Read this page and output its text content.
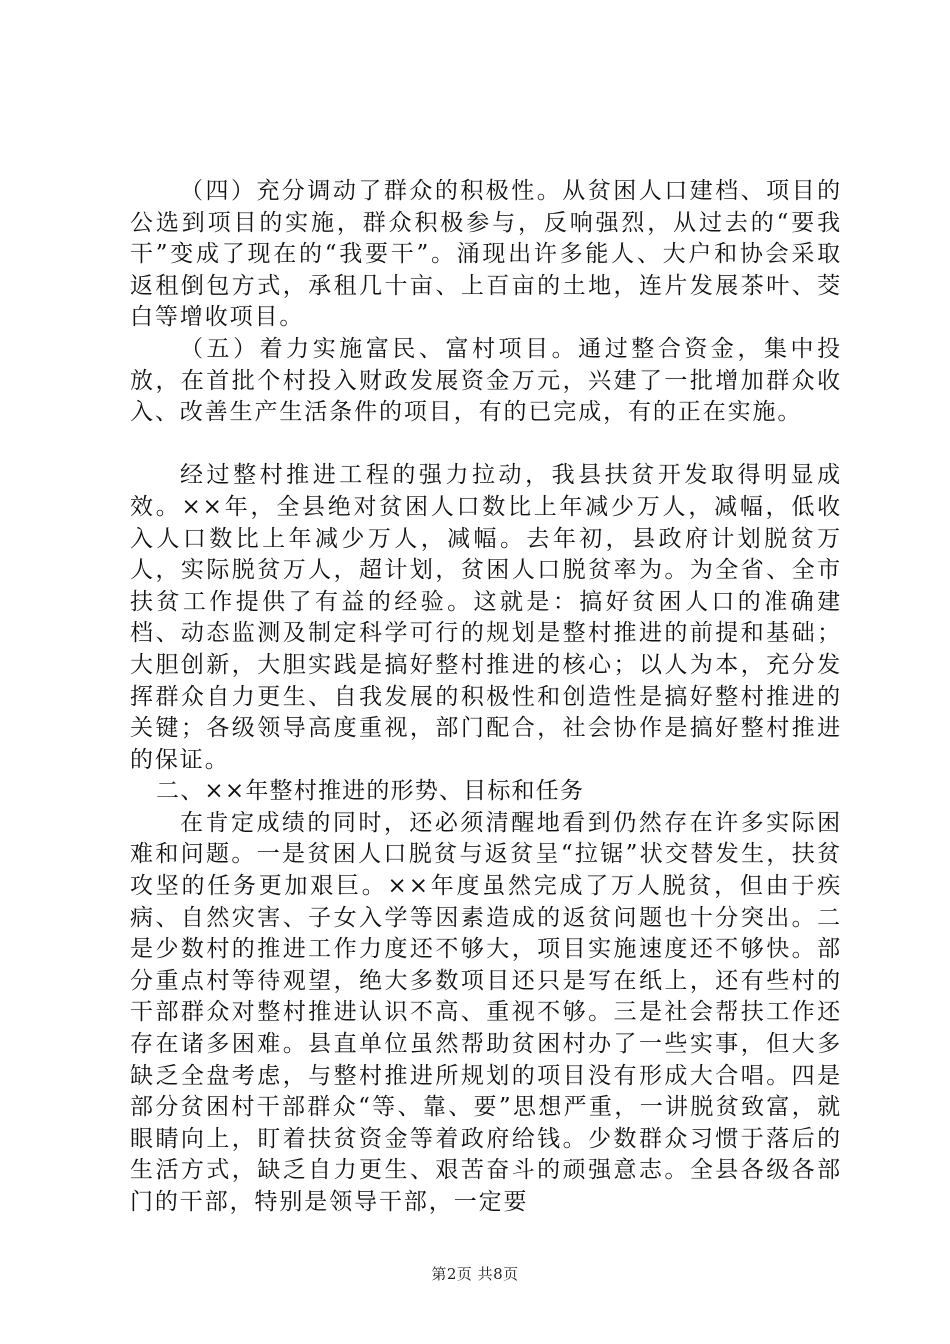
（四）充分调动了群众的积极性。从贫困人口建档、项目的公选到项目的实施，群众积极参与，反响强烈，从过去的“要我干”变成了现在的“我要干”。涌现出许多能人、大户和协会采取返租倒包方式，承租几十亩、上百亩的土地，连片发展茶叶、茭白等增收项目。

（五）着力实施富民、富村项目。通过整合资金，集中投放，在首批个村投入财政发展资金万元，兴建了一批增加群众收入、改善生产生活条件的项目，有的已完成，有的正在实施。

经过整村推进工程的强力拉动，我县扶贫开发取得明显成效。××年，全县绝对贫困人口数比上年减少万人，减幅，低收入人口数比上年减少万人，减幅。去年初，县政府计划脱贫万人，实际脱贫万人，超计划，贫困人口脱贫率为。为全省、全市扶贫工作提供了有益的经验。这就是：搞好贫困人口的准确建档、动态监测及制定科学可行的规划是整村推进的前提和基础；大胆创新，大胆实践是搞好整村推进的核心；以人为本，充分发挥群众自力更生、自我发展的积极性和创造性是搞好整村推进的关键；各级领导高度重视，部门配合，社会协作是搞好整村推进的保证。

二、××年整村推进的形势、目标和任务

在肯定成绩的同时，还必须清醒地看到仍然存在许多实际困难和问题。一是贫困人口脱贫与返贫呈“拉锯”状交替发生，扶贫攻坚的任务更加艰巨。××年度虽然完成了万人脱贫，但由于疾病、自然灾害、子女入学等因素造成的返贫问题也十分突出。二是少数村的推进工作力度还不够大，项目实施速度还不够快。部分重点村等待观望，绝大多数项目还只是写在纸上，还有些村的干部群众对整村推进认识不高、重视不够。三是社会帮扶工作还存在诸多困难。县直单位虽然帮助贫困村办了一些实事，但大多缺乏全盘考虑，与整村推进所规划的项目没有形成大合唱。四是部分贫困村干部群众“等、靠、要”思想严重，一讲脱贫致富，就眼睛向上，盯着扶贫资金等着政府给钱。少数群众习惯于落后的生活方式，缺乏自力更生、艰苦奋斗的顽强意志。全县各级各部门的干部，特别是领导干部，一定要

第2页 共8页
